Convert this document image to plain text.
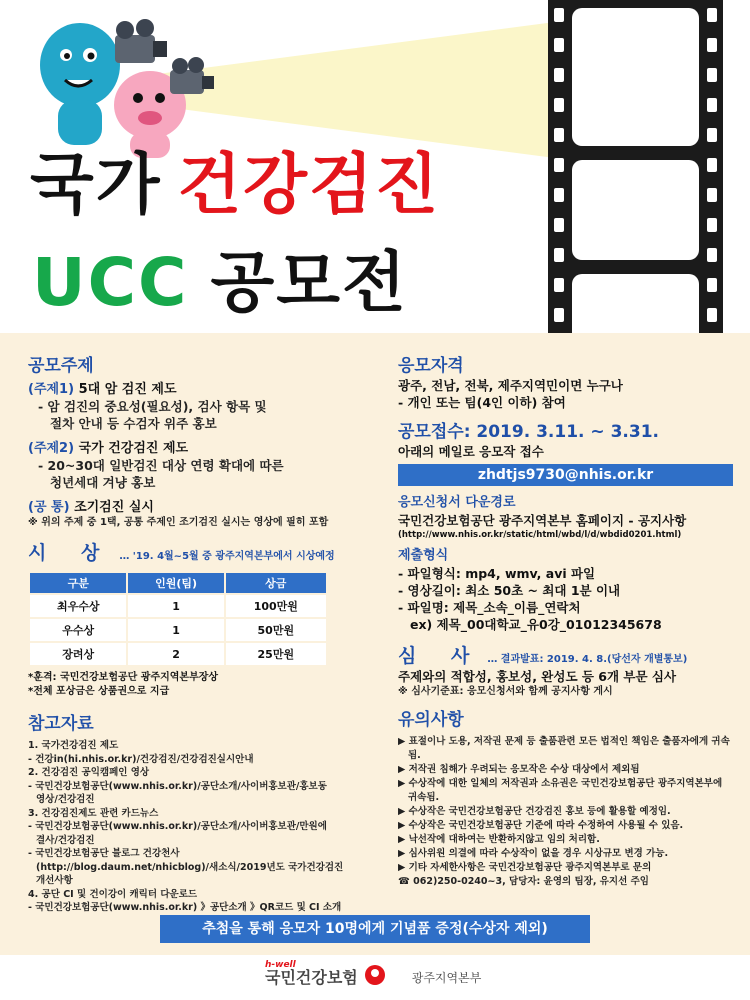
국가 건강검진
UCC 공모전
공모주제
(주제1) 5대 암 검진 제도
- 암 검진의 중요성(필요성), 검사 항목 및
절차 안내 등 수검자 위주 홍보
(주제2) 국가 건강검진 제도
- 20~30대 일반검진 대상 연령 확대에 따른
청년세대 겨냥 홍보
(공 통) 조기검진 실시
※ 위의 주제 중 1택, 공통 주제인 조기검진 실시는 영상에 필히 포함
시 상 … '19. 4월~5월 중 광주지역본부에서 시상예정
구분	인원(팀)	상금
최우수상	1	100만원
우수상	1	50만원
장려상	2	25만원
*훈격: 국민건강보험공단 광주지역본부장상
*전체 포상금은 상품권으로 지급
참고자료
1. 국가건강검진 제도
- 건강in(hi.nhis.or.kr)/건강검진/건강검진실시안내
2. 건강검진 공익캠페인 영상
- 국민건강보험공단(www.nhis.or.kr)/공단소개/사이버홍보관/홍보동
영상/건강검진
3. 건강검진제도 관련 카드뉴스
- 국민건강보험공단(www.nhis.or.kr)/공단소개/사이버홍보관/만원에
결사/건강검진
- 국민건강보험공단 블로그 건강천사
(http://blog.daum.net/nhicblog)/새소식/2019년도 국가건강검진
개선사항
4. 공단 CI 및 건이강이 캐릭터 다운로드
- 국민건강보험공단(www.nhis.or.kr) 》공단소개 》QR코드 및 CI 소개
응모자격
광주, 전남, 전북, 제주지역민이면 누구나
- 개인 또는 팀(4인 이하) 참여
공모접수: 2019. 3.11. ~ 3.31.
아래의 메일로 응모작 접수
zhdtjs9730@nhis.or.kr
응모신청서 다운경로
국민건강보험공단 광주지역본부 홈페이지 - 공지사항
(http://www.nhis.or.kr/static/html/wbd/l/d/wbdid0201.html)
제출형식
- 파일형식: mp4, wmv, avi 파일
- 영상길이: 최소 50초 ~ 최대 1분 이내
- 파일명: 제목_소속_이름_연락처
ex) 제목_00대학교_유0강_01012345678
심 사 … 결과발표: 2019. 4. 8.(당선자 개별통보)
주제와의 적합성, 홍보성, 완성도 등 6개 부문 심사
※ 심사기준표: 응모신청서와 함께 공지사항 게시
유의사항
▶ 표절이나 도용, 저작권 문제 등 출품관련 모든 법적인 책임은 출품자에게 귀속됨.
▶ 저작권 침해가 우려되는 응모작은 수상 대상에서 제외됨
▶ 수상작에 대한 일체의 저작권과 소유권은 국민건강보험공단 광주지역본부에 귀속됨.
▶ 수상작은 국민건강보험공단 건강검진 홍보 등에 활용할 예정임.
▶ 수상작은 국민건강보험공단 기준에 따라 수정하여 사용될 수 있음.
▶ 낙선작에 대하여는 반환하지않고 임의 처리함.
▶ 심사위원 의결에 따라 수상작이 없을 경우 시상규모 변경 가능.
▶ 기타 자세한사항은 국민건강보험공단 광주지역본부로 문의
☎ 062)250-0240~3, 담당자: 윤영의 팀장, 유지선 주임
추첨을 통해 응모자 10명에게 기념품 증정(수상자 제외)
h-well
국민건강보험	광주지역본부
